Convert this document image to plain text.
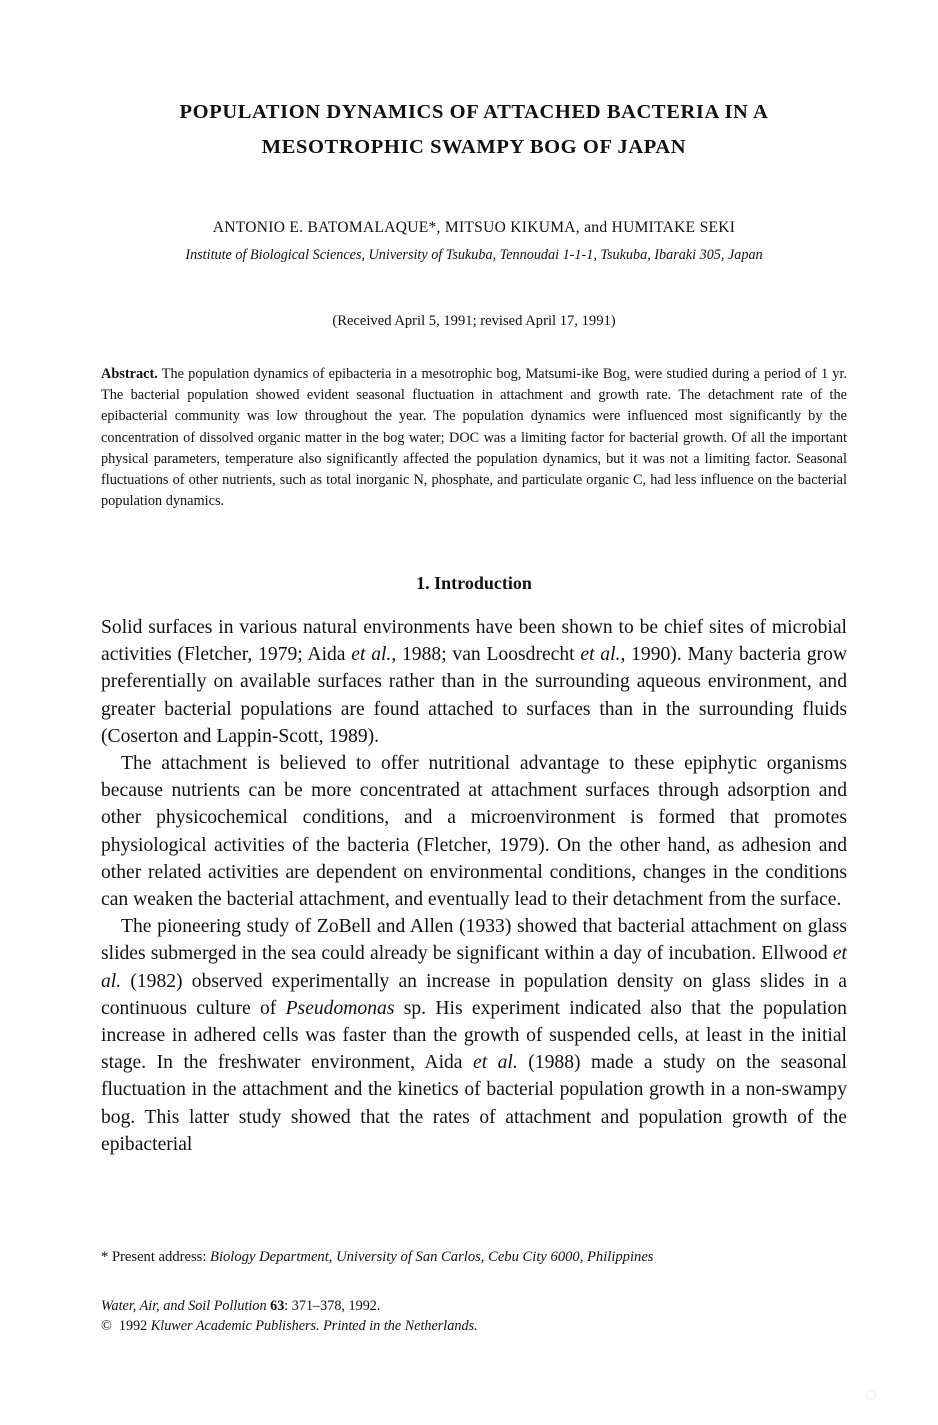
POPULATION DYNAMICS OF ATTACHED BACTERIA IN A
MESOTROPHIC SWAMPY BOG OF JAPAN
ANTONIO E. BATOMALAQUE*, MITSUO KIKUMA, and HUMITAKE SEKI
Institute of Biological Sciences, University of Tsukuba, Tennoudai 1-1-1, Tsukuba, Ibaraki 305, Japan
(Received April 5, 1991; revised April 17, 1991)
Abstract. The population dynamics of epibacteria in a mesotrophic bog, Matsumi-ike Bog, were studied during a period of 1 yr. The bacterial population showed evident seasonal fluctuation in attachment and growth rate. The detachment rate of the epibacterial community was low throughout the year. The population dynamics were influenced most significantly by the concentration of dissolved organic matter in the bog water; DOC was a limiting factor for bacterial growth. Of all the important physical parameters, temperature also significantly affected the population dynamics, but it was not a limiting factor. Seasonal fluctuations of other nutrients, such as total inorganic N, phosphate, and particulate organic C, had less influence on the bacterial population dynamics.
1. Introduction

Solid surfaces in various natural environments have been shown to be chief sites of microbial activities (Fletcher, 1979; Aida et al., 1988; van Loosdrecht et al., 1990). Many bacteria grow preferentially on available surfaces rather than in the surrounding aqueous environment, and greater bacterial populations are found attached to surfaces than in the surrounding fluids (Coserton and Lappin-Scott, 1989).

The attachment is believed to offer nutritional advantage to these epiphytic organisms because nutrients can be more concentrated at attachment surfaces through adsorption and other physicochemical conditions, and a microenvironment is formed that promotes physiological activities of the bacteria (Fletcher, 1979). On the other hand, as adhesion and other related activities are dependent on environmental conditions, changes in the conditions can weaken the bacterial attachment, and eventually lead to their detachment from the surface.

The pioneering study of ZoBell and Allen (1933) showed that bacterial attachment on glass slides submerged in the sea could already be significant within a day of incubation. Ellwood et al. (1982) observed experimentally an increase in population density on glass slides in a continuous culture of Pseudomonas sp. His experiment indicated also that the population increase in adhered cells was faster than the growth of suspended cells, at least in the initial stage. In the freshwater environment, Aida et al. (1988) made a study on the seasonal fluctuation in the attachment and the kinetics of bacterial population growth in a non-swampy bog. This latter study showed that the rates of attachment and population growth of the epibacterial

* Present address: Biology Department, University of San Carlos, Cebu City 6000, Philippines
Water, Air, and Soil Pollution 63: 371–378, 1992.
©  1992 Kluwer Academic Publishers. Printed in the Netherlands.
